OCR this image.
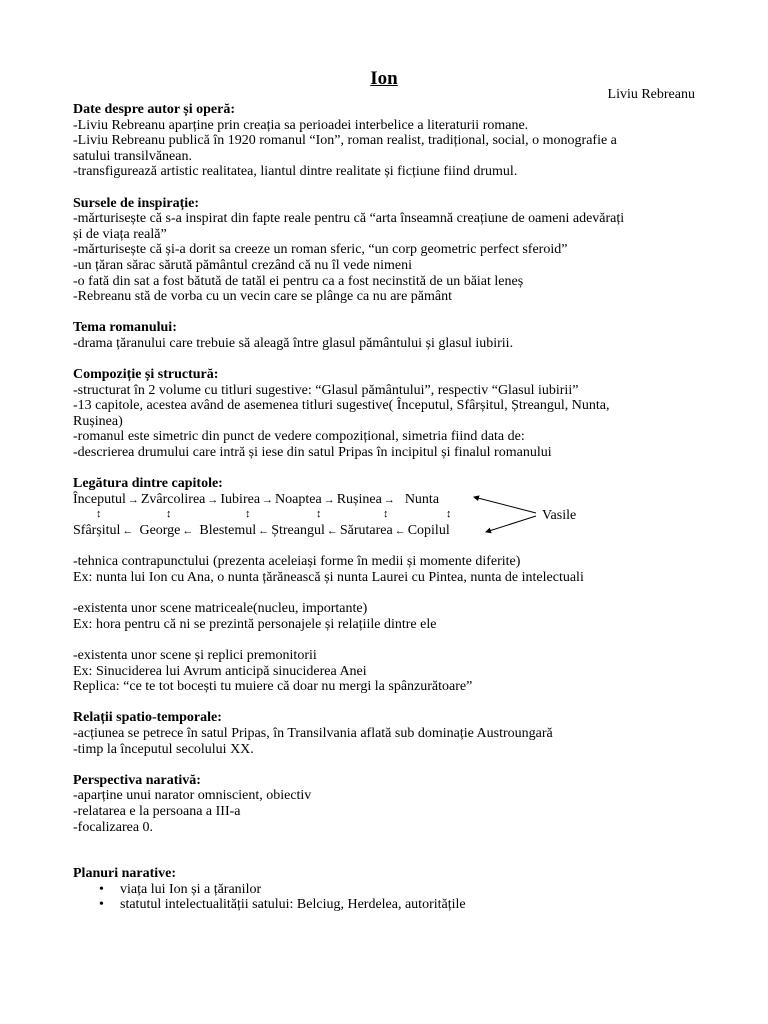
Ion
Liviu Rebreanu

Date despre autor și operă:

-Liviu Rebreanu aparține prin creația sa perioadei interbelice a literaturii romane.

-Liviu Rebreanu publică în 1920 romanul “Ion”, roman realist, tradițional, social, o monografie a

satului transilvănean.

-transfigurează artistic realitatea, liantul dintre realitate și ficțiune fiind drumul.

Sursele de inspirație:

-mărturisește că s-a inspirat din fapte reale pentru că “arta înseamnă creațiune de oameni adevărați

și de viața reală”

-mărturisește că și-a dorit sa creeze un roman sferic, “un corp geometric perfect sferoid”

-un țăran sărac sărută pământul crezând că nu îl vede nimeni

-o fată din sat a fost bătută de tatăl ei pentru ca a fost necinstită de un băiat leneș

-Rebreanu stă de vorba cu un vecin care se plânge ca nu are pământ

Tema romanului:

-drama țăranului care trebuie să aleagă între glasul pământului și glasul iubirii.

Compoziție și structură:

-structurat în 2 volume cu titluri sugestive: “Glasul pământului”, respectiv “Glasul iubirii”

-13 capitole, acestea având de asemenea titluri sugestive( Începutul, Sfârșitul, Ștreangul, Nunta,

Rușinea)

-romanul este simetric din punct de vedere compozițional, simetria fiind data de:

-descrierea drumului care intră și iese din satul Pripas în incipitul și finalul romanului

Legătura dintre capitole:

Începutul → Zvârcolirea → Iubirea → Noaptea → Rușinea → Nunta
↕	↕	↕	↕	↕	↕
Sfârșitul ← George ← Blestemul ← Ștreangul ← Sărutarea ← Copilul
Vasile

-tehnica contrapunctului (prezenta aceleiași forme în medii și momente diferite)

Ex: nunta lui Ion cu Ana, o nunta țărănească și nunta Laurei cu Pintea, nunta de intelectuali

-existenta unor scene matriceale(nucleu, importante)

Ex: hora pentru că ni se prezintă personajele și relațiile dintre ele

-existenta unor scene și replici premonitorii

Ex: Sinuciderea lui Avrum anticipă sinuciderea Anei

Replica: “ce te tot bocești tu muiere că doar nu mergi la spânzurătoare”

Relații spatio-temporale:

-acțiunea se petrece în satul Pripas, în Transilvania aflată sub dominație Austroungară

-timp la începutul secolului XX.

Perspectiva narativă:

-aparține unui narator omniscient, obiectiv

-relatarea e la persoana a III-a

-focalizarea 0.

Planuri narative:

• viața lui Ion și a țăranilor
• statutul intelectualității satului: Belciug, Herdelea, autoritățile
